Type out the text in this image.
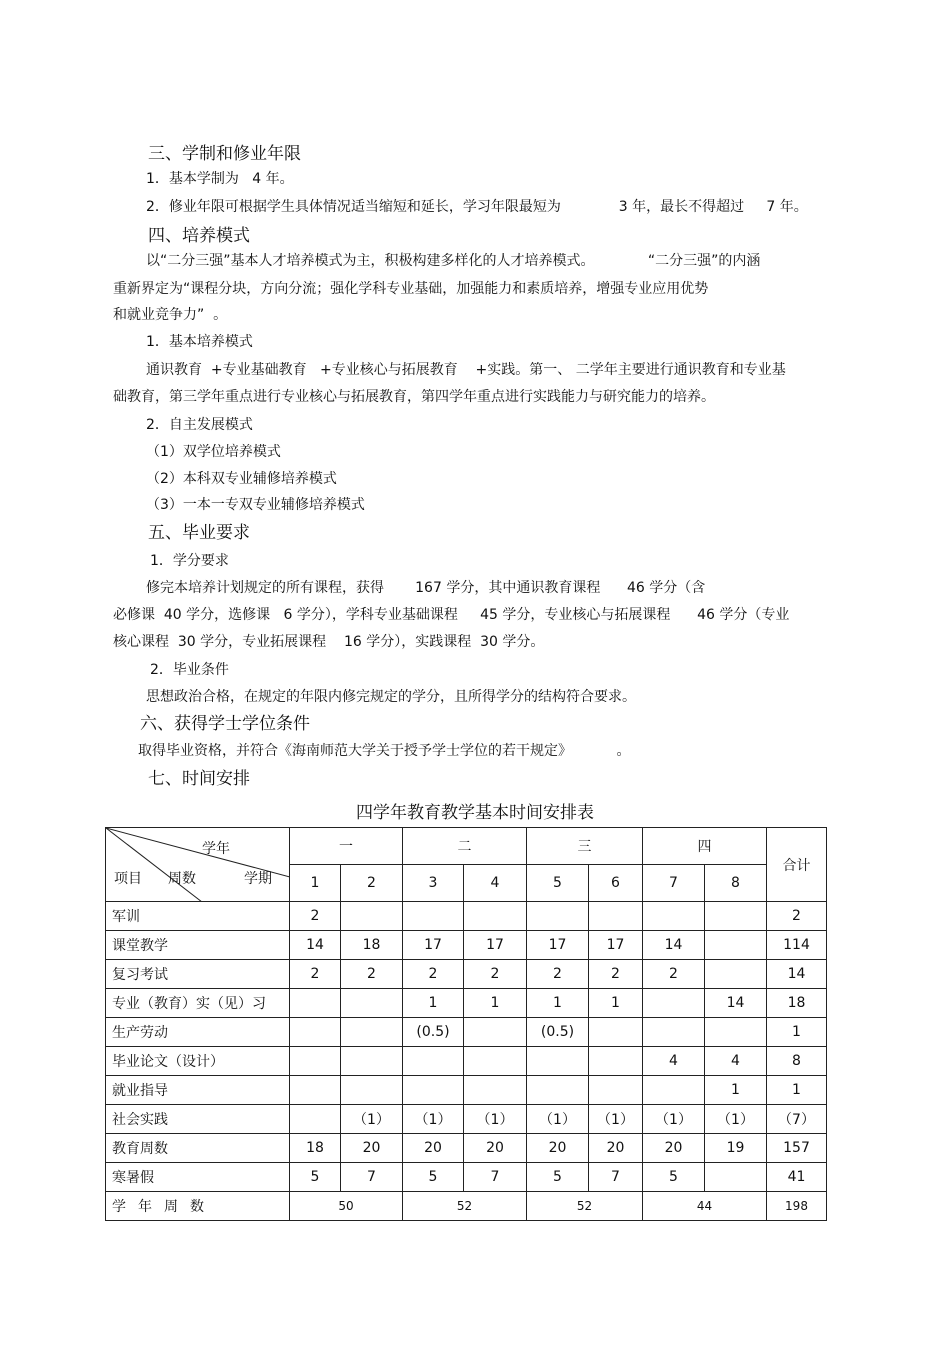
三、学制和修业年限
1．基本学制为   4 年。
2．修业年限可根据学生具体情况适当缩短和延长，学习年限最短为             3 年，最长不得超过     7 年。
四、培养模式
以“二分三强”基本人才培养模式为主，积极构建多样化的人才培养模式。            “二分三强”的内涵
重新界定为“课程分块，方向分流；强化学科专业基础，加强能力和素质培养，增强专业应用优势
和就业竞争力”  。
1．基本培养模式
通识教育  +专业基础教育   +专业核心与拓展教育    +实践。第一、 二学年主要进行通识教育和专业基
础教育，第三学年重点进行专业核心与拓展教育，第四学年重点进行实践能力与研究能力的培养。
2．自主发展模式
（1）双学位培养模式
（2）本科双专业辅修培养模式
（3）一本一专双专业辅修培养模式
五、毕业要求
1．学分要求
修完本培养计划规定的所有课程，获得       167 学分，其中通识教育课程      46 学分（含
必修课  40 学分，选修课   6 学分），学科专业基础课程     45 学分，专业核心与拓展课程      46 学分（专业
核心课程  30 学分，专业拓展课程    16 学分），实践课程  30 学分。
2．毕业条件
思想政治合格，在规定的年限内修完规定的学分，且所得学分的结构符合要求。
六、获得学士学位条件
取得毕业资格，并符合《海南师范大学关于授予学士学位的若干规定》          。
七、时间安排
四学年教育教学基本时间安排表
学年
项目 周数 学期	一		二		三		四		合计
	1	2	3	4	5	6	7	8	
军训	2								2
课堂教学	14	18	17	17	17	17	14		114
复习考试	2	2	2	2	2	2	2		14
专业（教育）实（见）习			1	1	1	1		14	18
生产劳动			(0.5)		(0.5)				1
毕业论文（设计）							4	4	8
就业指导								1	1
社会实践		（1）	（1）	（1）	（1）	（1）	（1）	（1）	（7）
教育周数	18	20	20	20	20	20	20	19	157
寒暑假	5	7	5	7	5	7	5		41
学年周数	50		52		52		44		198
